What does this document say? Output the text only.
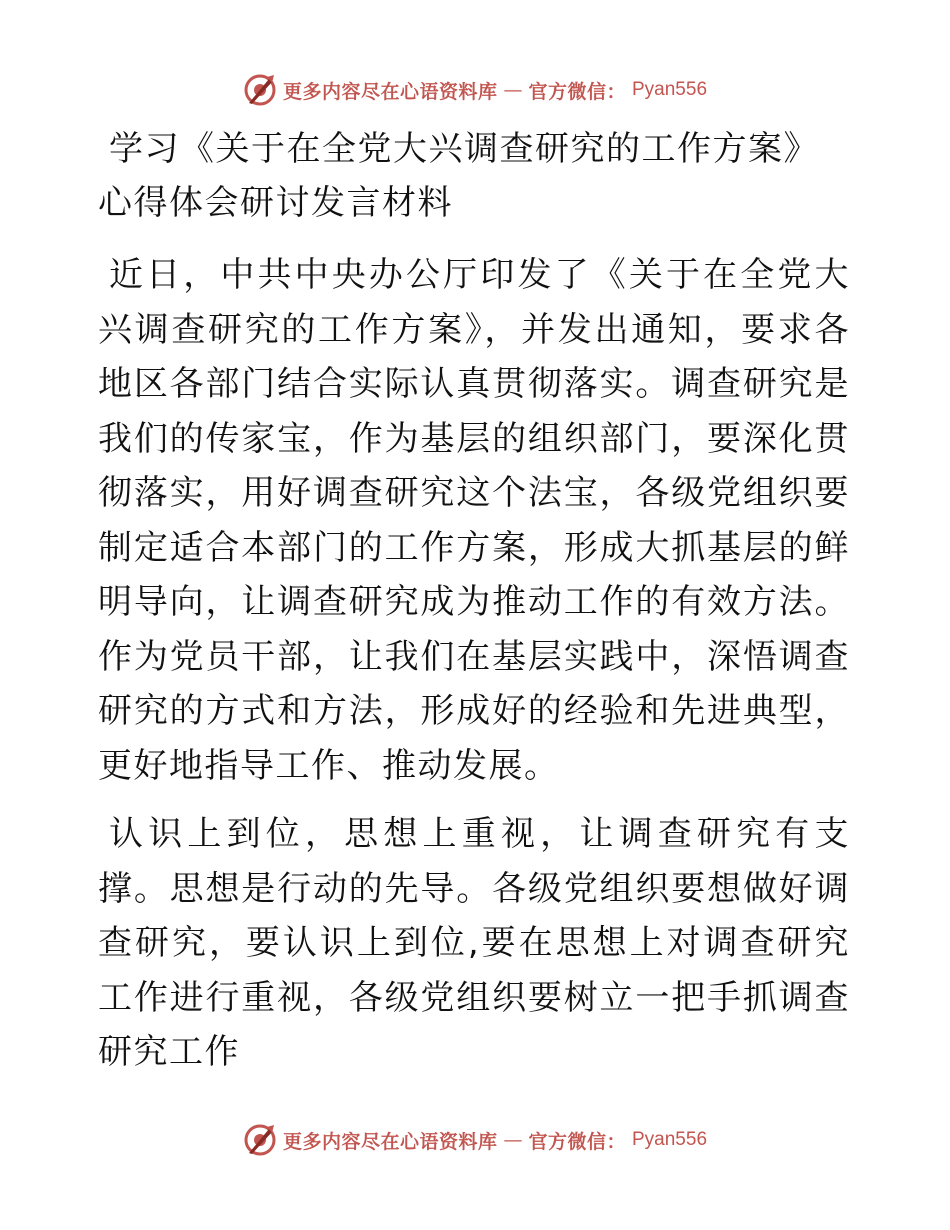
更多内容尽在心语资料库 — 官方微信： Pyan556
学习《关于在全党大兴调查研究的工作方案》心得体会研讨发言材料

近日，中共中央办公厅印发了《关于在全党大兴调查研究的工作方案》，并发出通知，要求各地区各部门结合实际认真贯彻落实。调查研究是我们的传家宝，作为基层的组织部门，要深化贯彻落实，用好调查研究这个法宝，各级党组织要制定适合本部门的工作方案，形成大抓基层的鲜明导向，让调查研究成为推动工作的有效方法。作为党员干部，让我们在基层实践中，深悟调查研究的方式和方法，形成好的经验和先进典型，更好地指导工作、推动发展。

认识上到位，思想上重视，让调查研究有支撑。思想是行动的先导。各级党组织要想做好调查研究，要认识上到位,要在思想上对调查研究工作进行重视，各级党组织要树立一把手抓调查研究工作

更多内容尽在心语资料库 — 官方微信： Pyan556
